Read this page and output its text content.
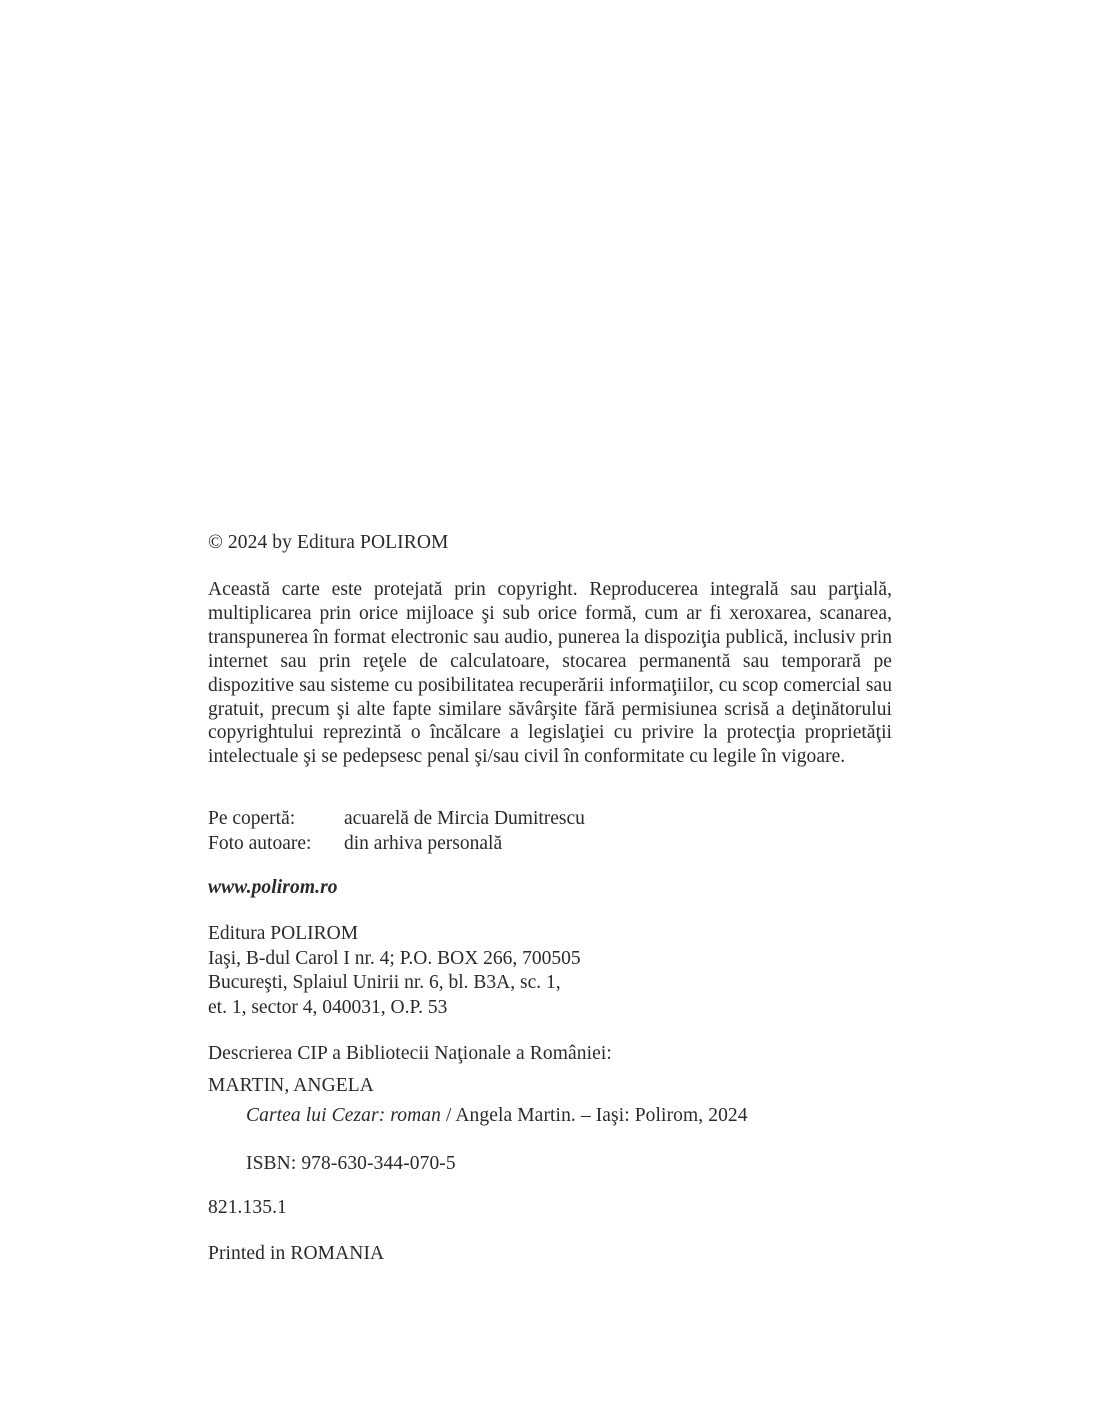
© 2024 by Editura POLIROM
Această carte este protejată prin copyright. Reproducerea integrală sau parţială, multiplicarea prin orice mijloace şi sub orice formă, cum ar fi xeroxarea, scanarea, transpunerea în format electronic sau audio, punerea la dispoziţia publică, inclusiv prin internet sau prin reţele de calculatoare, stocarea permanentă sau temporară pe dispozitive sau sisteme cu posibilitatea recuperării informaţiilor, cu scop comercial sau gratuit, precum şi alte fapte similare săvârşite fără permisiunea scrisă a deţinătorului copyrightului reprezintă o încălcare a legislaţiei cu privire la protecţia proprietăţii intelectuale şi se pedepsesc penal şi/sau civil în conformitate cu legile în vigoare.
Pe copertă:	acuarelă de Mircia Dumitrescu
Foto autoare:	din arhiva personală
www.polirom.ro
Editura POLIROM
Iaşi, B-dul Carol I nr. 4; P.O. BOX 266, 700505
Bucureşti, Splaiul Unirii nr. 6, bl. B3A, sc. 1,
et. 1, sector 4, 040031, O.P. 53
Descrierea CIP a Bibliotecii Naţionale a României:
MARTIN, ANGELA
Cartea lui Cezar: roman / Angela Martin. – Iaşi: Polirom, 2024
ISBN: 978-630-344-070-5
821.135.1
Printed in ROMANIA
